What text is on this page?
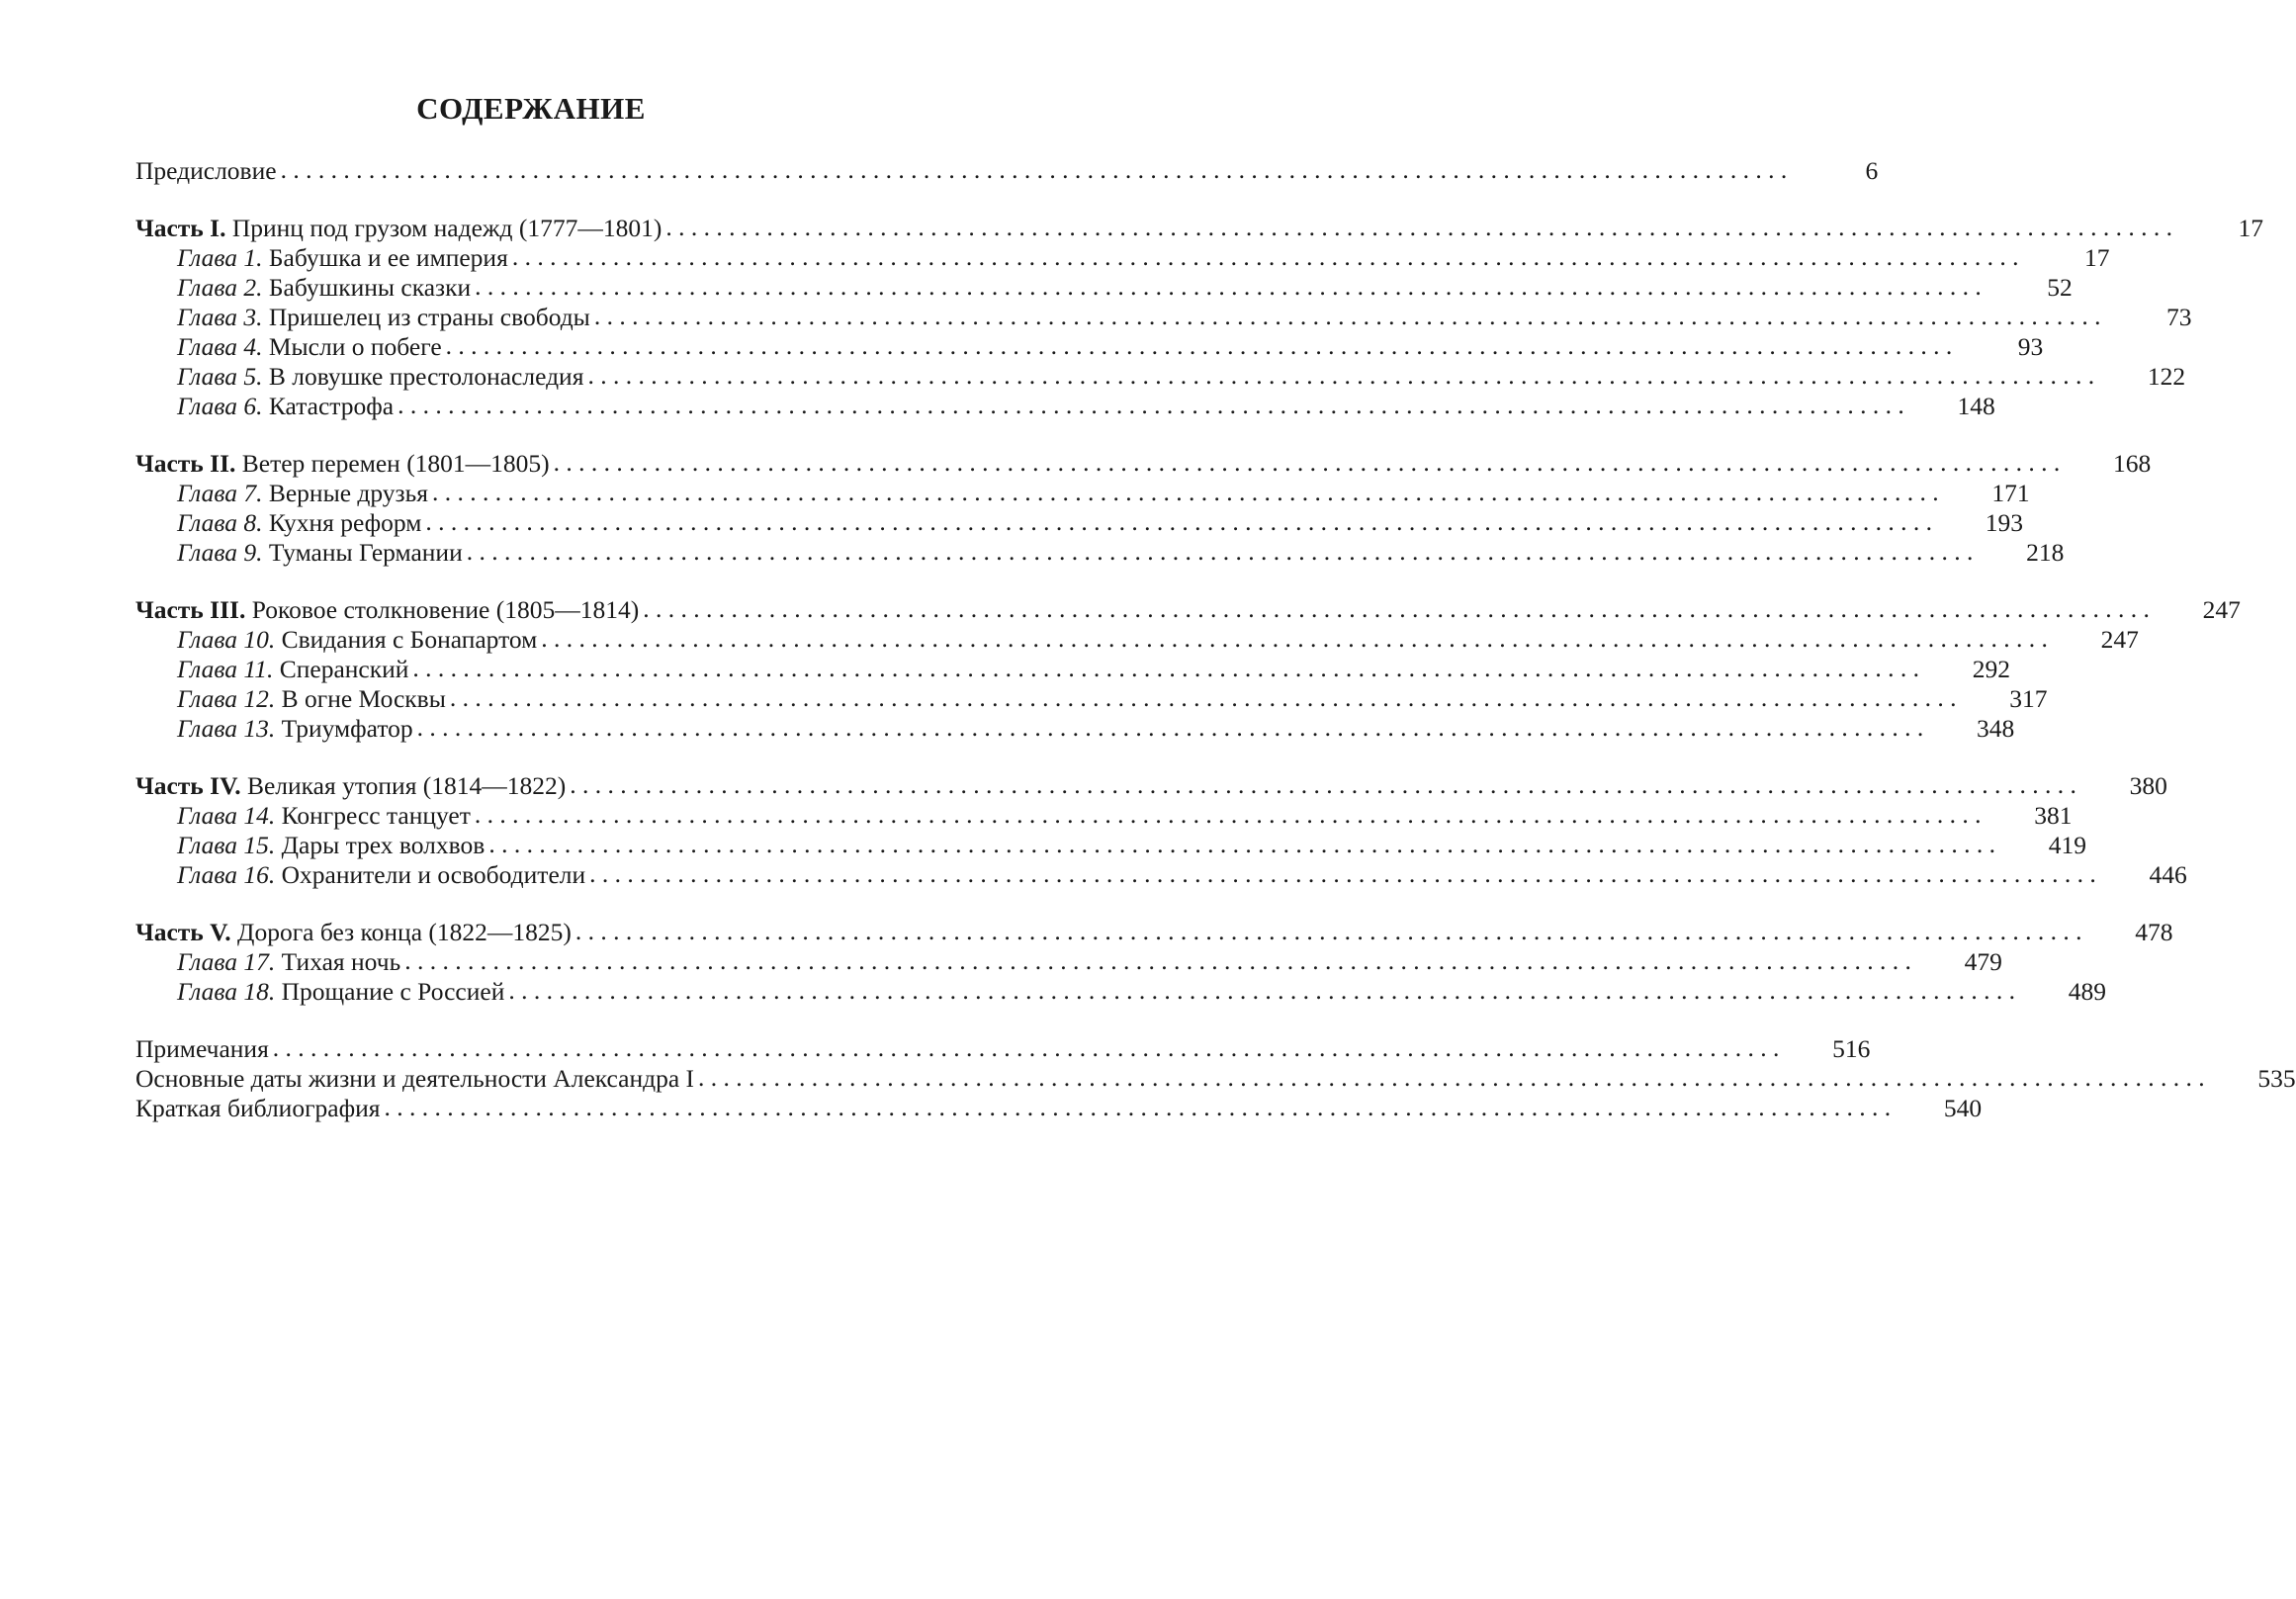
СОДЕРЖАНИЕ
Предисловие . . . . . . . . . . . . . . . . . . . . . . . . . . . . . . . . . . . . . . . . . . . . . . . . . . . . . . . . . . . . . . . . . . . . . . . . . . . . . . . . . . . . . . . . . . . . . . . . . . . . . . . . . . . . . . . . . . . . . . . .	6
Часть I. Принц под грузом надежд (1777—1801) . . . . . . . . . . . . . . . . . . . . . . . . . . . . . . . . . . . . . . . . . . . . . . . . . . . . . . . . . . . . . . . . . . . . . . . . . . . . . . . . . . . . . . . . . . . . . . . . . . . . . . . . . . . . . . . . . . . . . . . .	17
Глава 1. Бабушка и ее империя . . . . . . . . . . . . . . . . . . . . . . . . . . . . . . . . . . . . . . . . . . . . . . . . . . . . . . . . . . . . . . . . . . . . . . . . . . . . . . . . . . . . . . . . . . . . . . . . . . . . . . . . . . . . . . . . . . . . . . . .	17
Глава 2. Бабушкины сказки . . . . . . . . . . . . . . . . . . . . . . . . . . . . . . . . . . . . . . . . . . . . . . . . . . . . . . . . . . . . . . . . . . . . . . . . . . . . . . . . . . . . . . . . . . . . . . . . . . . . . . . . . . . . . . . . . . . . . . . .	52
Глава 3. Пришелец из страны свободы . . . . . . . . . . . . . . . . . . . . . . . . . . . . . . . . . . . . . . . . . . . . . . . . . . . . . . . . . . . . . . . . . . . . . . . . . . . . . . . . . . . . . . . . . . . . . . . . . . . . . . . . . . . . . . . . . . . . . . . .	73
Глава 4. Мысли о побеге . . . . . . . . . . . . . . . . . . . . . . . . . . . . . . . . . . . . . . . . . . . . . . . . . . . . . . . . . . . . . . . . . . . . . . . . . . . . . . . . . . . . . . . . . . . . . . . . . . . . . . . . . . . . . . . . . . . . . . . .	93
Глава 5. В ловушке престолонаследия . . . . . . . . . . . . . . . . . . . . . . . . . . . . . . . . . . . . . . . . . . . . . . . . . . . . . . . . . . . . . . . . . . . . . . . . . . . . . . . . . . . . . . . . . . . . . . . . . . . . . . . . . . . . . . . . . . . . . . . . 122
Глава 6. Катастрофа . . . . . . . . . . . . . . . . . . . . . . . . . . . . . . . . . . . . . . . . . . . . . . . . . . . . . . . . . . . . . . . . . . . . . . . . . . . . . . . . . . . . . . . . . . . . . . . . . . . . . . . . . . . . . . . . . . . . . . . . 148
Часть II. Ветер перемен (1801—1805) . . . . . . . . . . . . . . . . . . . . . . . . . . . . . . . . . . . . . . . . . . . . . . . . . . . . . . . . . . . . . . . . . . . . . . . . . . . . . . . . . . . . . . . . . . . . . . . . . . . . . . . . . . . . . . . . . . . . . . . . 168
Глава 7. Верные друзья . . . . . . . . . . . . . . . . . . . . . . . . . . . . . . . . . . . . . . . . . . . . . . . . . . . . . . . . . . . . . . . . . . . . . . . . . . . . . . . . . . . . . . . . . . . . . . . . . . . . . . . . . . . . . . . . . . . . . . . . 171
Глава 8. Кухня реформ . . . . . . . . . . . . . . . . . . . . . . . . . . . . . . . . . . . . . . . . . . . . . . . . . . . . . . . . . . . . . . . . . . . . . . . . . . . . . . . . . . . . . . . . . . . . . . . . . . . . . . . . . . . . . . . . . . . . . . . . 193
Глава 9. Туманы Германии . . . . . . . . . . . . . . . . . . . . . . . . . . . . . . . . . . . . . . . . . . . . . . . . . . . . . . . . . . . . . . . . . . . . . . . . . . . . . . . . . . . . . . . . . . . . . . . . . . . . . . . . . . . . . . . . . . . . . . . . 218
Часть III. Роковое столкновение (1805—1814) . . . . . . . . . . . . . . . . . . . . . . . . . . . . . . . . . . . . . . . . . . . . . . . . . . . . . . . . . . . . . . . . . . . . . . . . . . . . . . . . . . . . . . . . . . . . . . . . . . . . . . . . . . . . . . . . . . . . . . . . 247
Глава 10. Свидания с Бонапартом . . . . . . . . . . . . . . . . . . . . . . . . . . . . . . . . . . . . . . . . . . . . . . . . . . . . . . . . . . . . . . . . . . . . . . . . . . . . . . . . . . . . . . . . . . . . . . . . . . . . . . . . . . . . . . . . . . . . . . . . 247
Глава 11. Сперанский . . . . . . . . . . . . . . . . . . . . . . . . . . . . . . . . . . . . . . . . . . . . . . . . . . . . . . . . . . . . . . . . . . . . . . . . . . . . . . . . . . . . . . . . . . . . . . . . . . . . . . . . . . . . . . . . . . . . . . . . 292
Глава 12. В огне Москвы . . . . . . . . . . . . . . . . . . . . . . . . . . . . . . . . . . . . . . . . . . . . . . . . . . . . . . . . . . . . . . . . . . . . . . . . . . . . . . . . . . . . . . . . . . . . . . . . . . . . . . . . . . . . . . . . . . . . . . . . 317
Глава 13. Триумфатор . . . . . . . . . . . . . . . . . . . . . . . . . . . . . . . . . . . . . . . . . . . . . . . . . . . . . . . . . . . . . . . . . . . . . . . . . . . . . . . . . . . . . . . . . . . . . . . . . . . . . . . . . . . . . . . . . . . . . . . . 348
Часть IV. Великая утопия (1814—1822) . . . . . . . . . . . . . . . . . . . . . . . . . . . . . . . . . . . . . . . . . . . . . . . . . . . . . . . . . . . . . . . . . . . . . . . . . . . . . . . . . . . . . . . . . . . . . . . . . . . . . . . . . . . . . . . . . . . . . . . . 380
Глава 14. Конгресс танцует . . . . . . . . . . . . . . . . . . . . . . . . . . . . . . . . . . . . . . . . . . . . . . . . . . . . . . . . . . . . . . . . . . . . . . . . . . . . . . . . . . . . . . . . . . . . . . . . . . . . . . . . . . . . . . . . . . . . . . . . 381
Глава 15. Дары трех волхвов . . . . . . . . . . . . . . . . . . . . . . . . . . . . . . . . . . . . . . . . . . . . . . . . . . . . . . . . . . . . . . . . . . . . . . . . . . . . . . . . . . . . . . . . . . . . . . . . . . . . . . . . . . . . . . . . . . . . . . . . 419
Глава 16. Охранители и освободители . . . . . . . . . . . . . . . . . . . . . . . . . . . . . . . . . . . . . . . . . . . . . . . . . . . . . . . . . . . . . . . . . . . . . . . . . . . . . . . . . . . . . . . . . . . . . . . . . . . . . . . . . . . . . . . . . . . . . . . . 446
Часть V. Дорога без конца (1822—1825) . . . . . . . . . . . . . . . . . . . . . . . . . . . . . . . . . . . . . . . . . . . . . . . . . . . . . . . . . . . . . . . . . . . . . . . . . . . . . . . . . . . . . . . . . . . . . . . . . . . . . . . . . . . . . . . . . . . . . . . . 478
Глава 17. Тихая ночь . . . . . . . . . . . . . . . . . . . . . . . . . . . . . . . . . . . . . . . . . . . . . . . . . . . . . . . . . . . . . . . . . . . . . . . . . . . . . . . . . . . . . . . . . . . . . . . . . . . . . . . . . . . . . . . . . . . . . . . . 479
Глава 18. Прощание с Россией . . . . . . . . . . . . . . . . . . . . . . . . . . . . . . . . . . . . . . . . . . . . . . . . . . . . . . . . . . . . . . . . . . . . . . . . . . . . . . . . . . . . . . . . . . . . . . . . . . . . . . . . . . . . . . . . . . . . . . . . 489
Примечания . . . . . . . . . . . . . . . . . . . . . . . . . . . . . . . . . . . . . . . . . . . . . . . . . . . . . . . . . . . . . . . . . . . . . . . . . . . . . . . . . . . . . . . . . . . . . . . . . . . . . . . . . . . . . . . . . . . . . . . . 516
Основные даты жизни и деятельности Александра I . . . . . . . . . . . . . . . . . . . . . . . . . . . . . . . . . . . . . . . . . . . . . . . . . . . . . . . . . . . . . . . . . . . . . . . . . . . . . . . . . . . . . . . . . . . . . . . . . . . . . . . . . . . . . . . . . . . . . . . . 535
Краткая библиография . . . . . . . . . . . . . . . . . . . . . . . . . . . . . . . . . . . . . . . . . . . . . . . . . . . . . . . . . . . . . . . . . . . . . . . . . . . . . . . . . . . . . . . . . . . . . . . . . . . . . . . . . . . . . . . . . . . . . . . . 540
